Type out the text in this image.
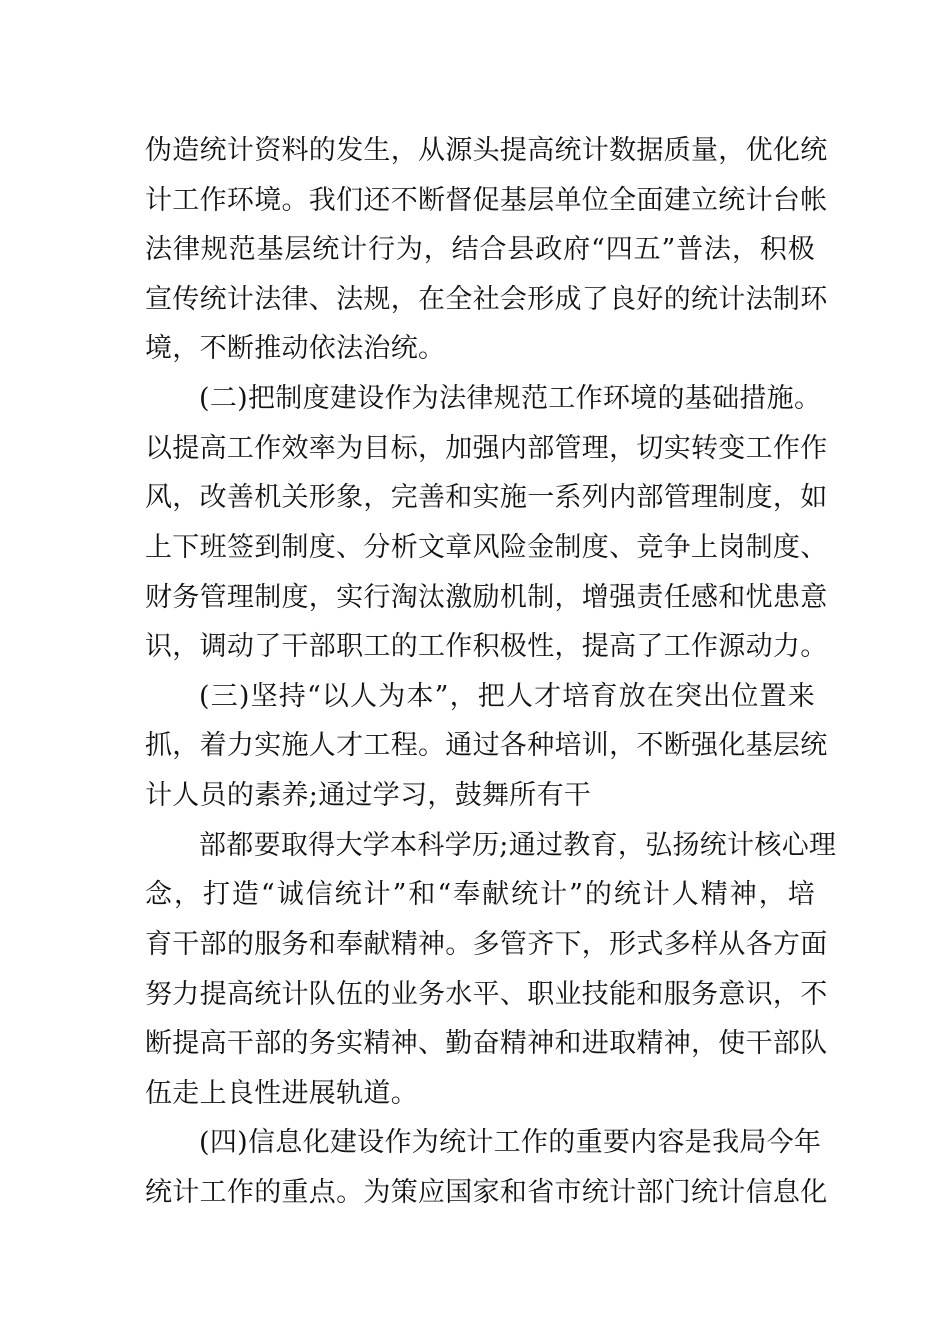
伪造统计资料的发生，从源头提高统计数据质量，优化统
计工作环境。我们还不断督促基层单位全面建立统计台帐
法律规范基层统计行为，结合县政府“四五”普法，积极
宣传统计法律、法规，在全社会形成了良好的统计法制环
境，不断推动依法治统。
(二)把制度建设作为法律规范工作环境的基础措施。
以提高工作效率为目标，加强内部管理，切实转变工作作
风，改善机关形象，完善和实施一系列内部管理制度，如
上下班签到制度、分析文章风险金制度、竞争上岗制度、
财务管理制度，实行淘汰激励机制，增强责任感和忧患意
识，调动了干部职工的工作积极性，提高了工作源动力。
(三)坚持“以人为本”，把人才培育放在突出位置来
抓，着力实施人才工程。通过各种培训，不断强化基层统
计人员的素养;通过学习，鼓舞所有干
部都要取得大学本科学历;通过教育，弘扬统计核心理
念，打造“诚信统计”和“奉献统计”的统计人精神，培
育干部的服务和奉献精神。多管齐下，形式多样从各方面
努力提高统计队伍的业务水平、职业技能和服务意识，不
断提高干部的务实精神、勤奋精神和进取精神，使干部队
伍走上良性进展轨道。
(四)信息化建设作为统计工作的重要内容是我局今年
统计工作的重点。为策应国家和省市统计部门统计信息化
